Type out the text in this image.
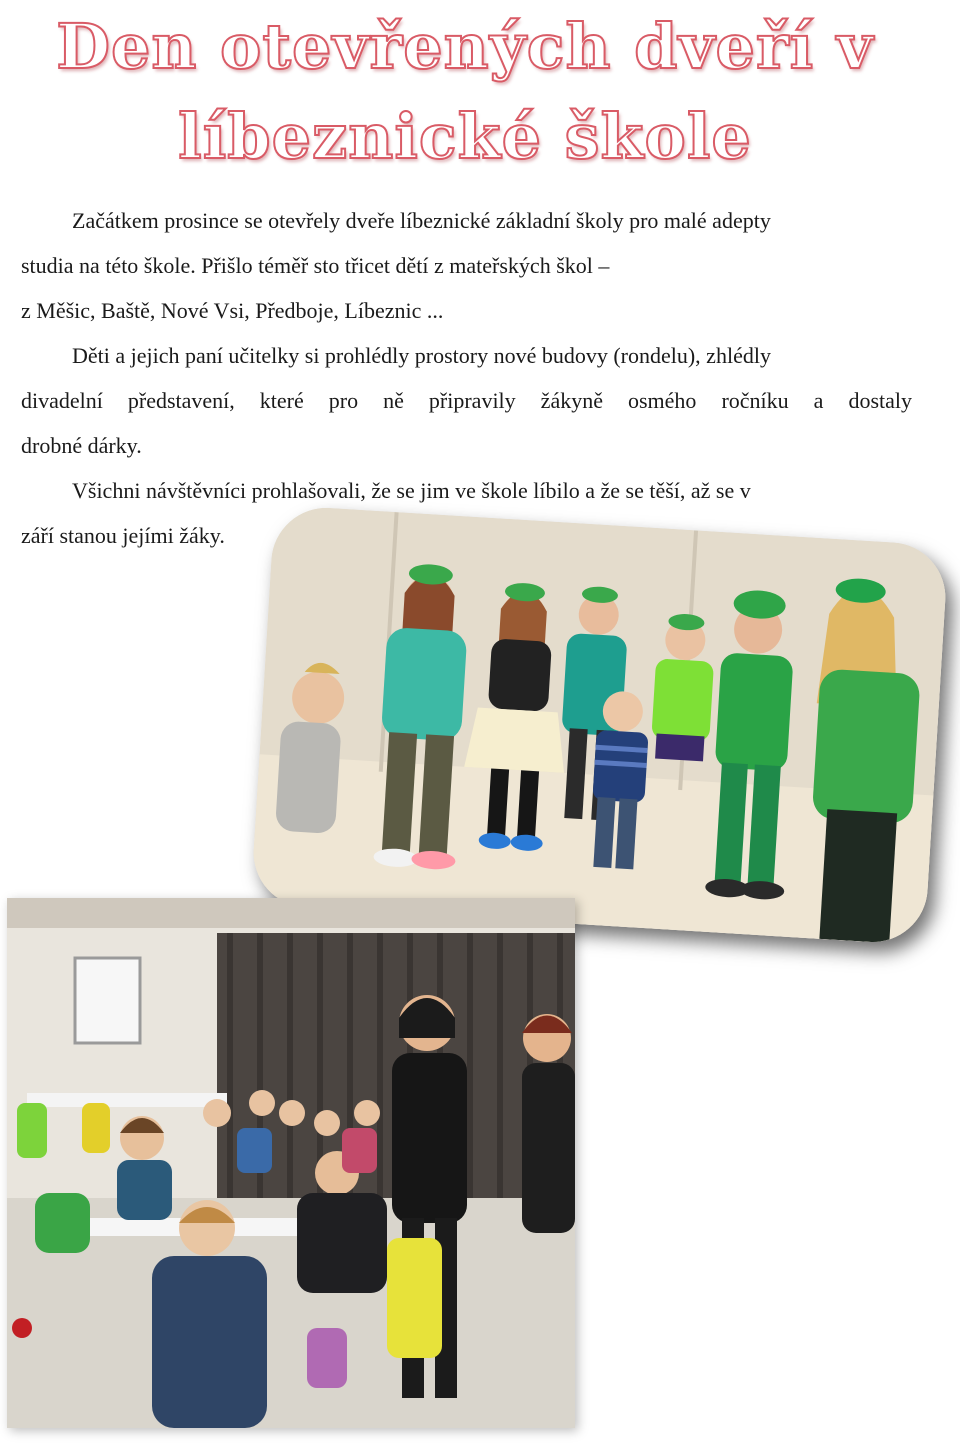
Den otevřených dveří v
líbeznické škole

Začátkem prosince se otevřely dveře líbeznické základní školy pro malé adepty
studia na této škole. Přišlo téměř sto třicet dětí z mateřských škol –
z Měšic, Baště, Nové Vsi, Předboje, Líbeznic ...

Děti a jejich paní učitelky si prohlédly prostory nové budovy (rondelu), zhlédly
divadelní představení, které pro ně připravily žákyně osmého ročníku a dostaly
drobné dárky.

Všichni návštěvníci prohlašovali, že se jim ve škole líbilo a že se těší, až se v
září stanou jejími žáky.
